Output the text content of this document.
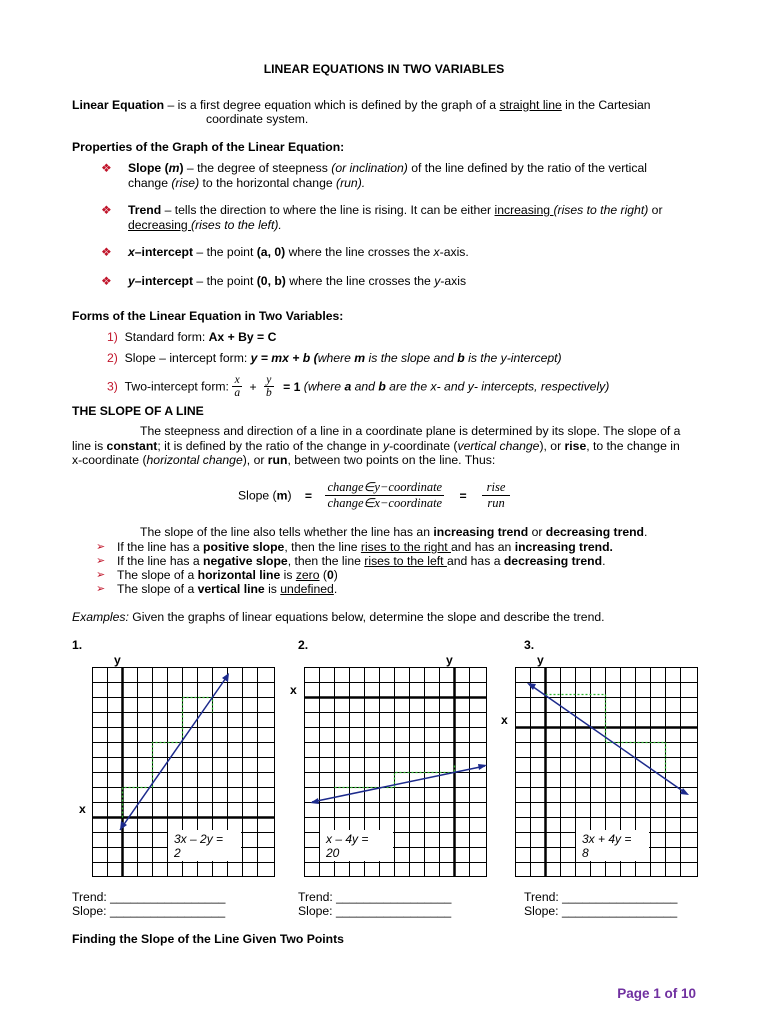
LINEAR EQUATIONS IN TWO VARIABLES
Linear Equation – is a first degree equation which is defined by the graph of a straight line in the Cartesian
coordinate system.
Properties of the Graph of the Linear Equation:
❖ Slope (m) – the degree of steepness (or inclination) of the line defined by the ratio of the vertical
change (rise) to the horizontal change (run).
❖ Trend – tells the direction to where the line is rising. It can be either increasing (rises to the right) or
decreasing (rises to the left).
❖ x–intercept – the point (a, 0) where the line crosses the x-axis.
❖ y–intercept – the point (0, b) where the line crosses the y-axis
Forms of the Linear Equation in Two Variables:
1) Standard form: Ax + By = C
2) Slope – intercept form: y = mx + b (where m is the slope and b is the y-intercept)
3) Two-intercept form: $\frac{x}{a} + \frac{y}{b} = 1$ (where a and b are the x- and y- intercepts, respectively)
THE SLOPE OF A LINE
The steepness and direction of a line in a coordinate plane is determined by its slope. The slope of a
line is constant; it is defined by the ratio of the change in y-coordinate (vertical change), or rise, to the change in
x-coordinate (horizontal change), or run, between two points on the line. Thus:
Slope $(m) = \frac{\text{change∈y−coordinate}}{\text{change∈x−coordinate}} = \frac{\text{rise}}{\text{run}}$
The slope of the line also tells whether the line has an increasing trend or decreasing trend.
➢ If the line has a positive slope, then the line rises to the right and has an increasing trend.
➢ If the line has a negative slope, then the line rises to the left and has a decreasing trend.
➢ The slope of a horizontal line is zero (0)
➢ The slope of a vertical line is undefined.
Examples: Given the graphs of linear equations below, determine the slope and describe the trend.
1.
y
x
3x – 2y =
2
Trend: _________________
Slope: _________________
2.
y
x
x – 4y =
20
Trend: _________________
Slope: _________________
3.
y
x
3x + 4y =
8
Trend: _________________
Slope: _________________
Finding the Slope of the Line Given Two Points
Page 1 of 10
